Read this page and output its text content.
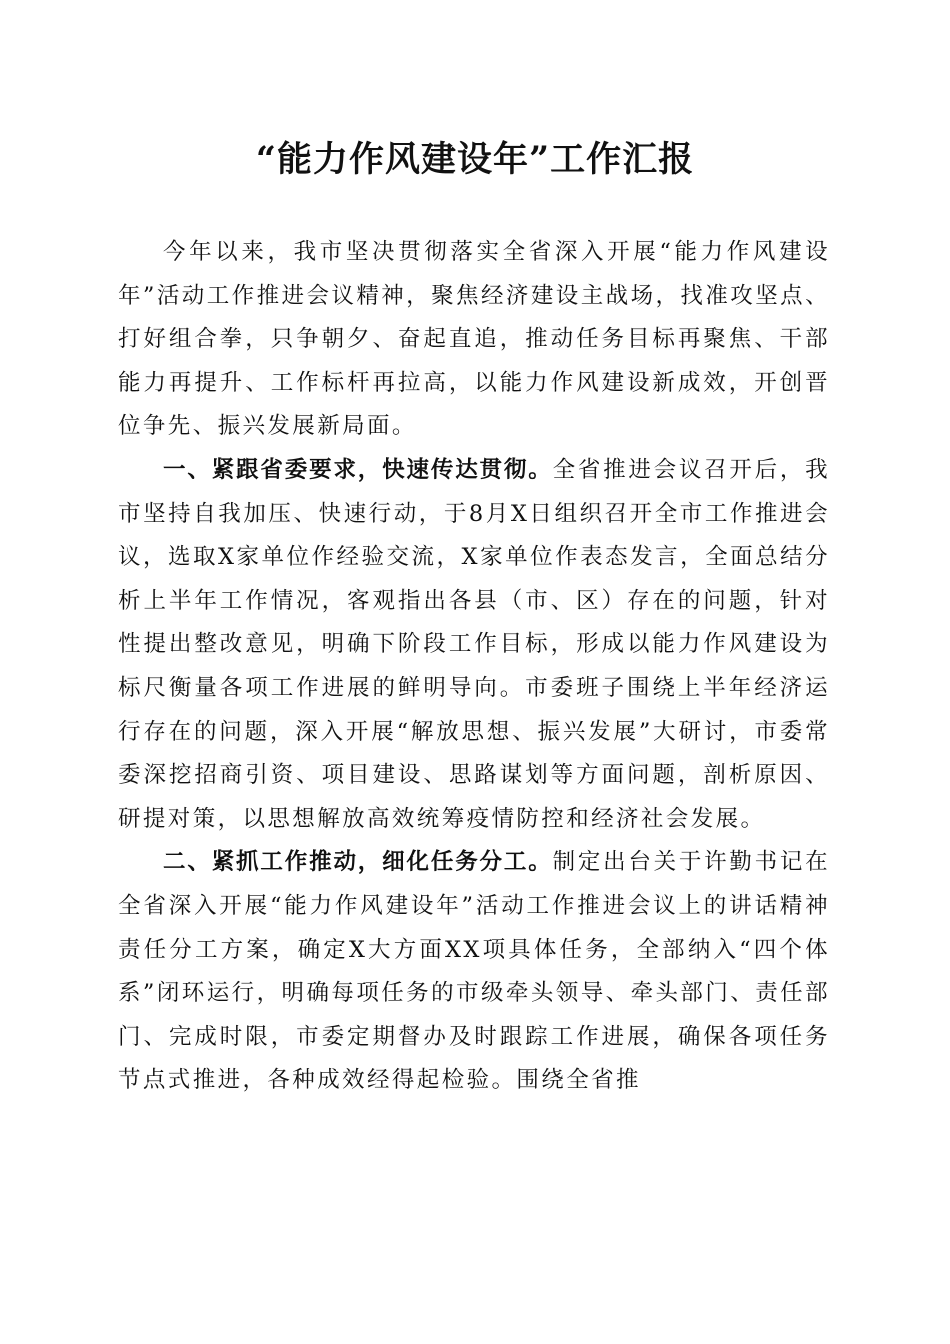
“能力作风建设年”工作汇报

今年以来，我市坚决贯彻落实全省深入开展“能力作风建设年”活动工作推进会议精神，聚焦经济建设主战场，找准攻坚点、打好组合拳，只争朝夕、奋起直追，推动任务目标再聚焦、干部能力再提升、工作标杆再拉高，以能力作风建设新成效，开创晋位争先、振兴发展新局面。

一、紧跟省委要求，快速传达贯彻。全省推进会议召开后，我市坚持自我加压、快速行动，于8月X日组织召开全市工作推进会议，选取X家单位作经验交流，X家单位作表态发言，全面总结分析上半年工作情况，客观指出各县（市、区）存在的问题，针对性提出整改意见，明确下阶段工作目标，形成以能力作风建设为标尺衡量各项工作进展的鲜明导向。市委班子围绕上半年经济运行存在的问题，深入开展“解放思想、振兴发展”大研讨，市委常委深挖招商引资、项目建设、思路谋划等方面问题，剖析原因、研提对策，以思想解放高效统筹疫情防控和经济社会发展。

二、紧抓工作推动，细化任务分工。制定出台关于许勤书记在全省深入开展“能力作风建设年”活动工作推进会议上的讲话精神责任分工方案，确定X大方面XX项具体任务，全部纳入“四个体系”闭环运行，明确每项任务的市级牵头领导、牵头部门、责任部门、完成时限，市委定期督办及时跟踪工作进展，确保各项任务节点式推进，各种成效经得起检验。围绕全省推
